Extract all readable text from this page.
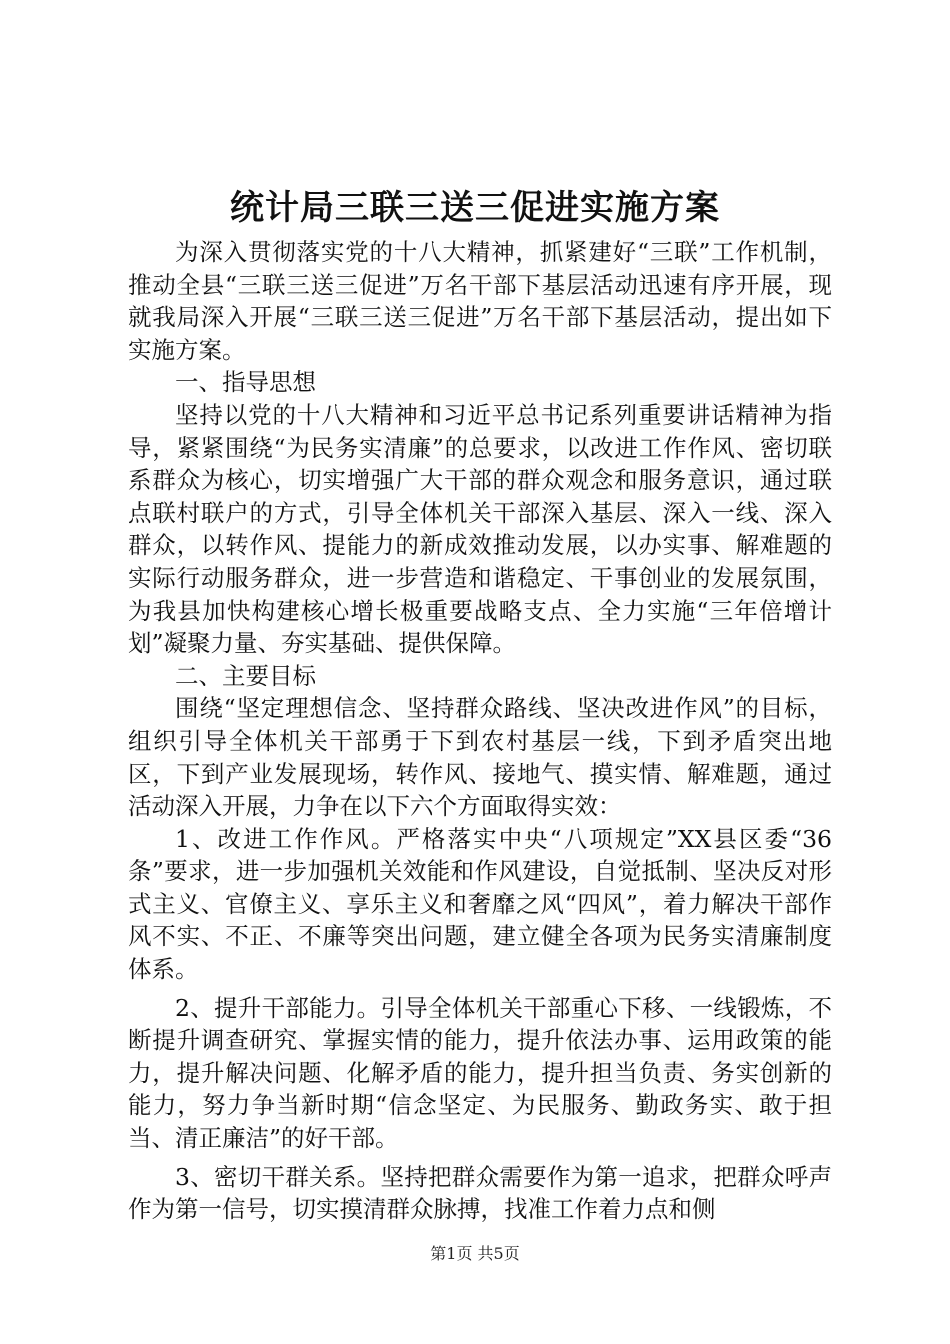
统计局三联三送三促进实施方案

为深入贯彻落实党的十八大精神，抓紧建好“三联”工作机制，推动全县“三联三送三促进”万名干部下基层活动迅速有序开展，现就我局深入开展“三联三送三促进”万名干部下基层活动，提出如下实施方案。

一、指导思想

坚持以党的十八大精神和习近平总书记系列重要讲话精神为指导，紧紧围绕“为民务实清廉”的总要求，以改进工作作风、密切联系群众为核心，切实增强广大干部的群众观念和服务意识，通过联点联村联户的方式，引导全体机关干部深入基层、深入一线、深入群众，以转作风、提能力的新成效推动发展，以办实事、解难题的实际行动服务群众，进一步营造和谐稳定、干事创业的发展氛围，为我县加快构建核心增长极重要战略支点、全力实施“三年倍增计划”凝聚力量、夯实基础、提供保障。

二、主要目标

围绕“坚定理想信念、坚持群众路线、坚决改进作风”的目标，组织引导全体机关干部勇于下到农村基层一线，下到矛盾突出地区，下到产业发展现场，转作风、接地气、摸实情、解难题，通过活动深入开展，力争在以下六个方面取得实效：

1、改进工作作风。严格落实中央“八项规定”XX县区委“36条”要求，进一步加强机关效能和作风建设，自觉抵制、坚决反对形式主义、官僚主义、享乐主义和奢靡之风“四风”，着力解决干部作风不实、不正、不廉等突出问题，建立健全各项为民务实清廉制度体系。

2、提升干部能力。引导全体机关干部重心下移、一线锻炼，不断提升调查研究、掌握实情的能力，提升依法办事、运用政策的能力，提升解决问题、化解矛盾的能力，提升担当负责、务实创新的能力，努力争当新时期“信念坚定、为民服务、勤政务实、敢于担当、清正廉洁”的好干部。

3、密切干群关系。坚持把群众需要作为第一追求，把群众呼声作为第一信号，切实摸清群众脉搏，找准工作着力点和侧

第1页 共5页
